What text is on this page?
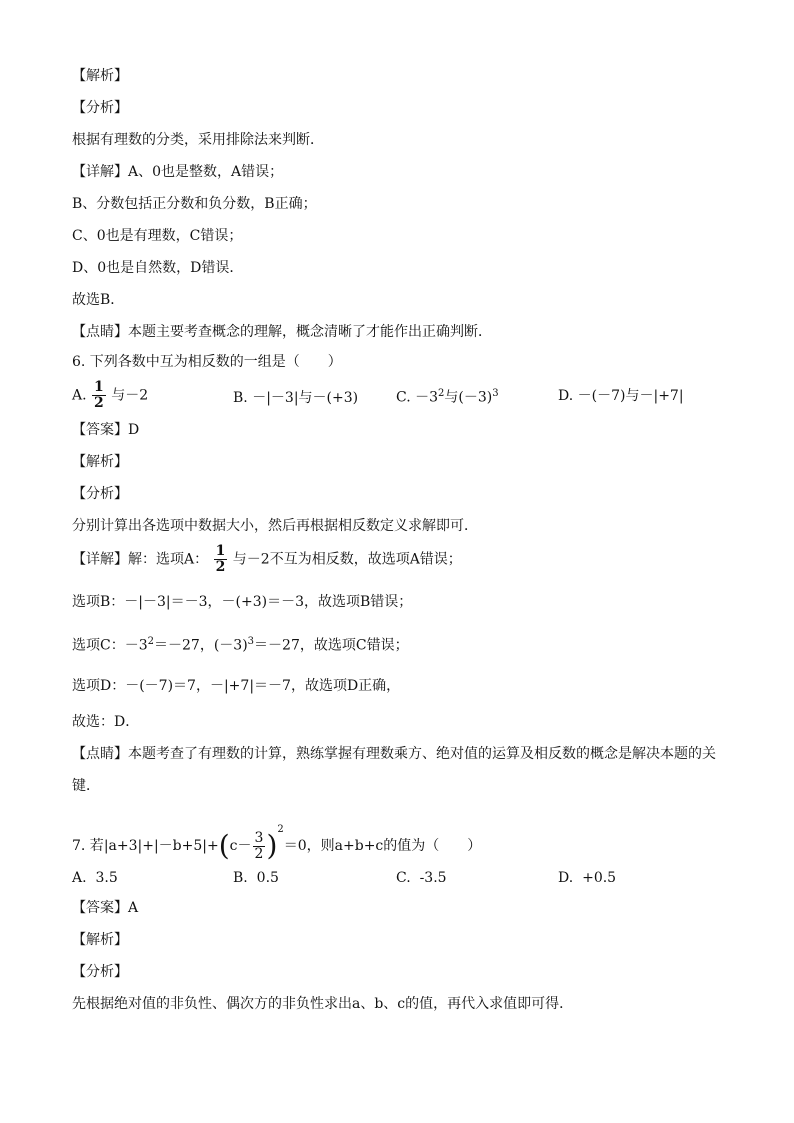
【解析】
【分析】
根据有理数的分类，采用排除法来判断．
【详解】A、0也是整数，A错误；
B、分数包括正分数和负分数，B正确；
C、0也是有理数，C错误；
D、0也是自然数，D错误．
故选B．
【点睛】本题主要考查概念的理解，概念清晰了才能作出正确判断．
6. 下列各数中互为相反数的一组是（　　）
A. $\frac{1}{2}$ 与－2	B. －|－3|与－(+3)	C. $-3^2$与$(-3)^3$	D. －(－7)与－|+7|
【答案】D
【解析】
【分析】
分别计算出各选项中数据大小，然后再根据相反数定义求解即可．
【详解】解：选项A： $\frac{1}{2}$ 与－2不互为相反数，故选项A错误；
选项B：－|－3|＝－3，－(+3)＝－3，故选项B错误；
选项C：$-3^2=-27$，$(-3)^3=-27$，故选项C错误；
选项D：－(－7)＝7，－|+7|＝－7，故选项D正确，
故选：D．
【点睛】本题考查了有理数的计算，熟练掌握有理数乘方、绝对值的运算及相反数的概念是解决本题的关
键．
7. 若$|a+3|+|-b+5|+(c- \frac{3}{2} )^2=0$，则a+b+c的值为（　　）
A. 3.5	B. 0.5	C. -3.5	D. +0.5
【答案】A
【解析】
【分析】
先根据绝对值的非负性、偶次方的非负性求出a、b、c的值，再代入求值即可得．
